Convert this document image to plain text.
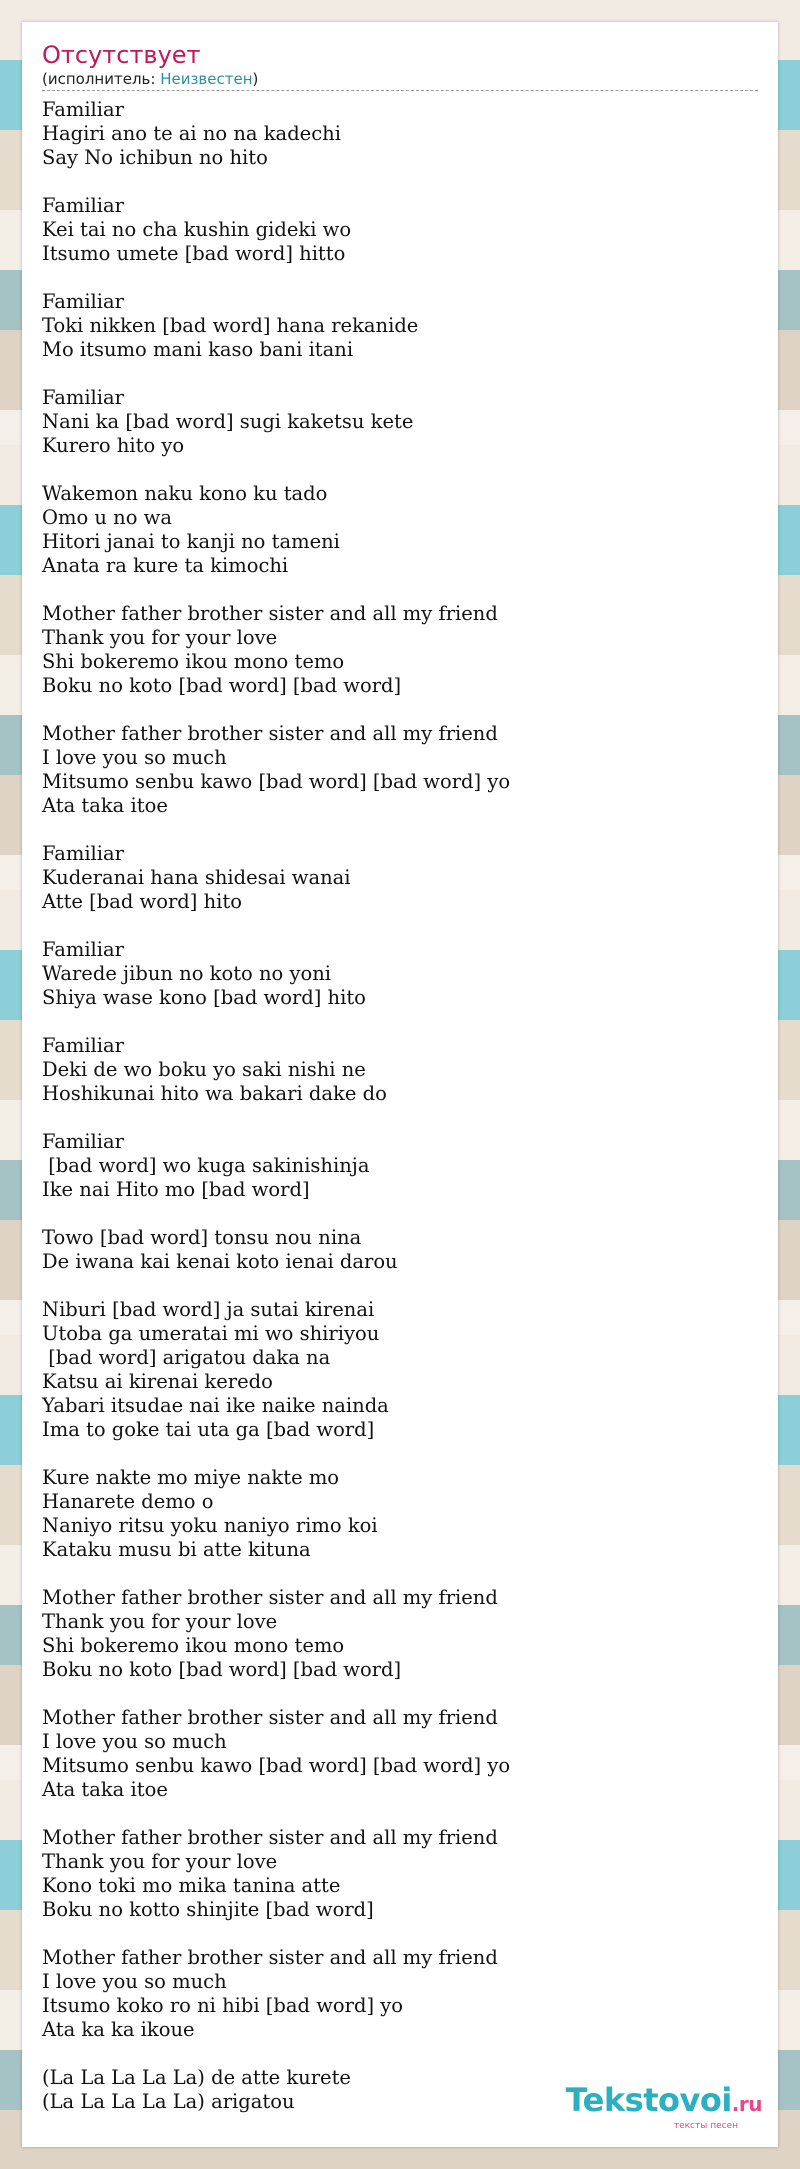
Отсутствует
(исполнитель: Неизвестен)
Familiar
Hagiri ano te ai no na kadechi
Say No ichibun no hito
Familiar
Kei tai no cha kushin gideki wo
Itsumo umete [bad word] hitto
Familiar
Toki nikken [bad word] hana rekanide
Mo itsumo mani kaso bani itani
Familiar
Nani ka [bad word] sugi kaketsu kete
Kurero hito yo
Wakemon naku kono ku tado
Omo u no wa
Hitori janai to kanji no tameni
Anata ra kure ta kimochi
Mother father brother sister and all my friend
Thank you for your love
Shi bokeremo ikou mono temo
Boku no koto [bad word] [bad word]
Mother father brother sister and all my friend
I love you so much
Mitsumo senbu kawo [bad word] [bad word] yo
Ata taka itoe
Familiar
Kuderanai hana shidesai wanai
Atte [bad word] hito
Familiar
Warede jibun no koto no yoni
Shiya wase kono [bad word] hito
Familiar
Deki de wo boku yo saki nishi ne
Hoshikunai hito wa bakari dake do
Familiar
[bad word] wo kuga sakinishinja
Ike nai Hito mo [bad word]
Towo [bad word] tonsu nou nina
De iwana kai kenai koto ienai darou
Niburi [bad word] ja sutai kirenai
Utoba ga umeratai mi wo shiriyou
[bad word] arigatou daka na
Katsu ai kirenai keredo
Yabari itsudae nai ike naike nainda
Ima to goke tai uta ga [bad word]
Kure nakte mo miye nakte mo
Hanarete demo o
Naniyo ritsu yoku naniyo rimo koi
Kataku musu bi atte kituna
Mother father brother sister and all my friend
Thank you for your love
Shi bokeremo ikou mono temo
Boku no koto [bad word] [bad word]
Mother father brother sister and all my friend
I love you so much
Mitsumo senbu kawo [bad word] [bad word] yo
Ata taka itoe
Mother father brother sister and all my friend
Thank you for your love
Kono toki mo mika tanina atte
Boku no kotto shinjite [bad word]
Mother father brother sister and all my friend
I love you so much
Itsumo koko ro ni hibi [bad word] yo
Ata ka ka ikoue
(La La La La La) de atte kurete
(La La La La La) arigatou	Tekstovoi.ru
тексты песен
